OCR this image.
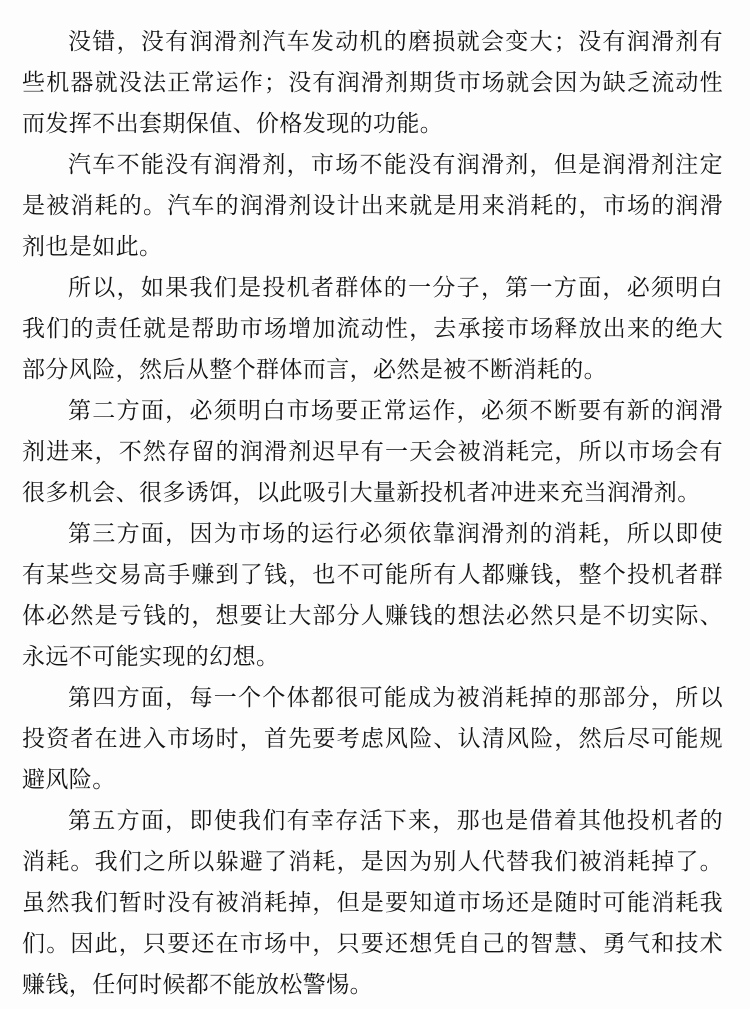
没错，没有润滑剂汽车发动机的磨损就会变大；没有润滑剂有些机器就没法正常运作；没有润滑剂期货市场就会因为缺乏流动性而发挥不出套期保值、价格发现的功能。

汽车不能没有润滑剂，市场不能没有润滑剂，但是润滑剂注定是被消耗的。汽车的润滑剂设计出来就是用来消耗的，市场的润滑剂也是如此。

所以，如果我们是投机者群体的一分子，第一方面，必须明白我们的责任就是帮助市场增加流动性，去承接市场释放出来的绝大部分风险，然后从整个群体而言，必然是被不断消耗的。

第二方面，必须明白市场要正常运作，必须不断要有新的润滑剂进来，不然存留的润滑剂迟早有一天会被消耗完，所以市场会有很多机会、很多诱饵，以此吸引大量新投机者冲进来充当润滑剂。

第三方面，因为市场的运行必须依靠润滑剂的消耗，所以即使有某些交易高手赚到了钱，也不可能所有人都赚钱，整个投机者群体必然是亏钱的，想要让大部分人赚钱的想法必然只是不切实际、永远不可能实现的幻想。

第四方面，每一个个体都很可能成为被消耗掉的那部分，所以投资者在进入市场时，首先要考虑风险、认清风险，然后尽可能规避风险。

第五方面，即使我们有幸存活下来，那也是借着其他投机者的消耗。我们之所以躲避了消耗，是因为别人代替我们被消耗掉了。虽然我们暂时没有被消耗掉，但是要知道市场还是随时可能消耗我们。因此，只要还在市场中，只要还想凭自己的智慧、勇气和技术赚钱，任何时候都不能放松警惕。
